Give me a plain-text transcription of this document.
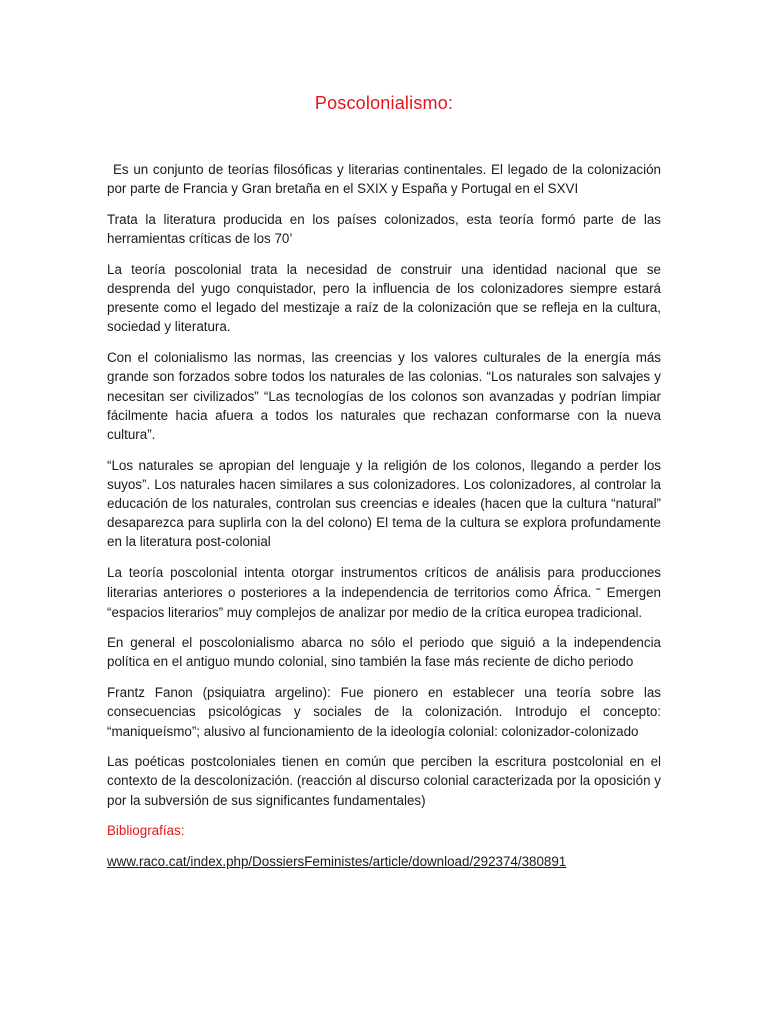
Poscolonialismo:

Es un conjunto de teorías filosóficas y literarias continentales. El legado de la colonización por parte de Francia y Gran bretaña en el SXIX y España y Portugal en el SXVI

Trata la literatura producida en los países colonizados, esta teoría formó parte de las herramientas críticas de los 70’

La teoría poscolonial trata la necesidad de construir una identidad nacional que se desprenda del yugo conquistador, pero la influencia de los colonizadores siempre estará presente como el legado del mestizaje a raíz de la colonización que se refleja en la cultura, sociedad y literatura.

Con el colonialismo las normas, las creencias y los valores culturales de la energía más grande son forzados sobre todos los naturales de las colonias. “Los naturales son salvajes y necesitan ser civilizados” “Las tecnologías de los colonos son avanzadas y podrían limpiar fácilmente hacia afuera a todos los naturales que rechazan conformarse con la nueva cultura”.

“Los naturales se apropian del lenguaje y la religión de los colonos, llegando a perder los suyos”. Los naturales hacen similares a sus colonizadores. Los colonizadores, al controlar la educación de los naturales, controlan sus creencias e ideales (hacen que la cultura “natural” desaparezca para suplirla con la del colono) El tema de la cultura se explora profundamente en la literatura post-colonial

La teoría poscolonial intenta otorgar instrumentos críticos de análisis para producciones literarias anteriores o posteriores a la independencia de territorios como África. ⁼ Emergen “espacios literarios” muy complejos de analizar por medio de la crítica europea tradicional.

En general el poscolonialismo abarca no sólo el periodo que siguió a la independencia política en el antiguo mundo colonial, sino también la fase más reciente de dicho periodo

Frantz Fanon (psiquiatra argelino): Fue pionero en establecer una teoría sobre las consecuencias psicológicas y sociales de la colonización. Introdujo el concepto: “maniqueísmo”; alusivo al funcionamiento de la ideología colonial: colonizador-colonizado

Las poéticas postcoloniales tienen en común que perciben la escritura postcolonial en el contexto de la descolonización. (reacción al discurso colonial caracterizada por la oposición y por la subversión de sus significantes fundamentales)

Bibliografías:

www.raco.cat/index.php/DossiersFeministes/article/download/292374/380891
